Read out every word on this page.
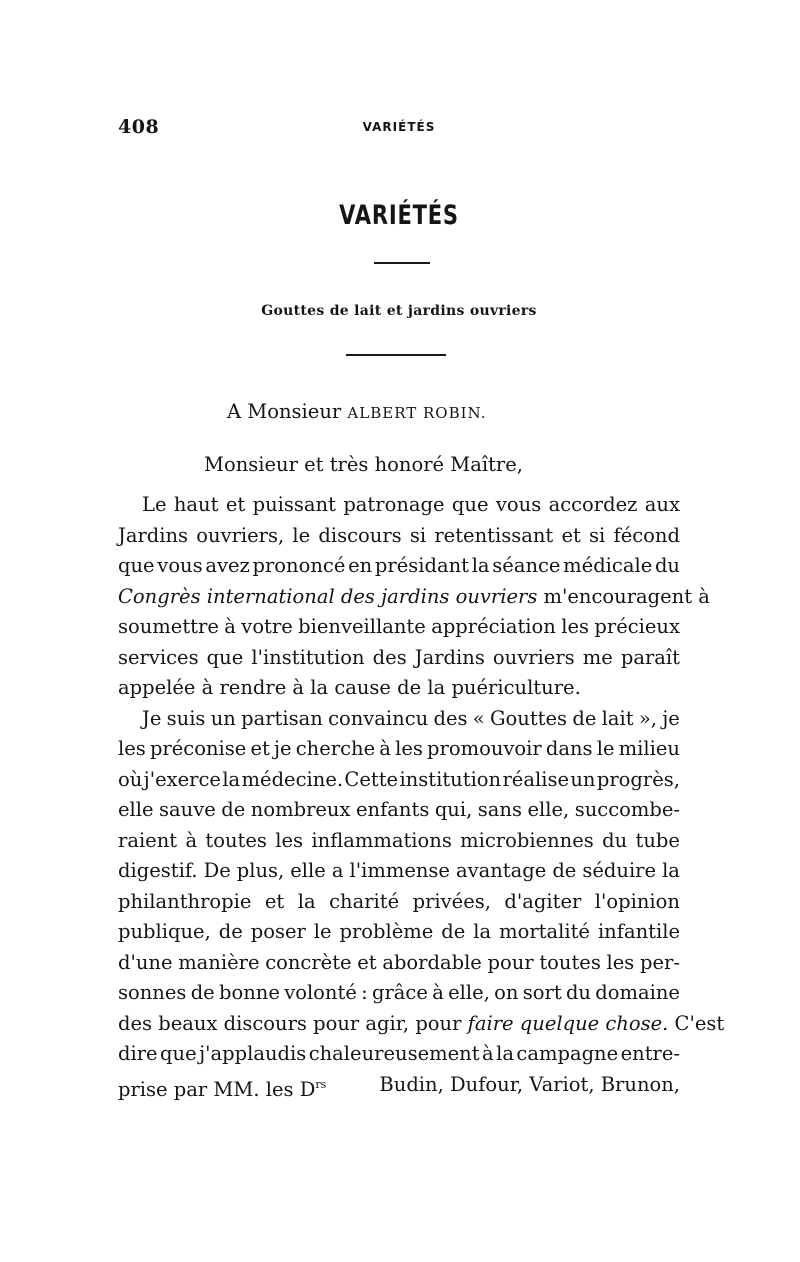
408	VARIÉTÉS
VARIÉTÉS
Gouttes de lait et jardins ouvriers
A Monsieur ALBERT ROBIN.
Monsieur et très honoré Maître,
Le haut et puissant patronage que vous accordez aux
Jardins ouvriers, le discours si retentissant et si fécond
que vous avez prononcé en présidant la séance médicale du
Congrès international des jardins ouvriers m'encouragent à
soumettre à votre bienveillante appréciation les précieux
services que l'institution des Jardins ouvriers me paraît
appelée à rendre à la cause de la puériculture.
Je suis un partisan convaincu des « Gouttes de lait », je
les préconise et je cherche à les promouvoir dans le milieu
où j'exerce la médecine. Cette institution réalise un progrès,
elle sauve de nombreux enfants qui, sans elle, succombe-
raient à toutes les inflammations microbiennes du tube
digestif. De plus, elle a l'immense avantage de séduire la
philanthropie et la charité privées, d'agiter l'opinion
publique, de poser le problème de la mortalité infantile
d'une manière concrète et abordable pour toutes les per-
sonnes de bonne volonté : grâce à elle, on sort du domaine
des beaux discours pour agir, pour faire quelque chose. C'est
dire que j'applaudis chaleureusement à la campagne entre-
prise par MM. les $D^{rs}$ Budin, Dufour, Variot, Brunon,
